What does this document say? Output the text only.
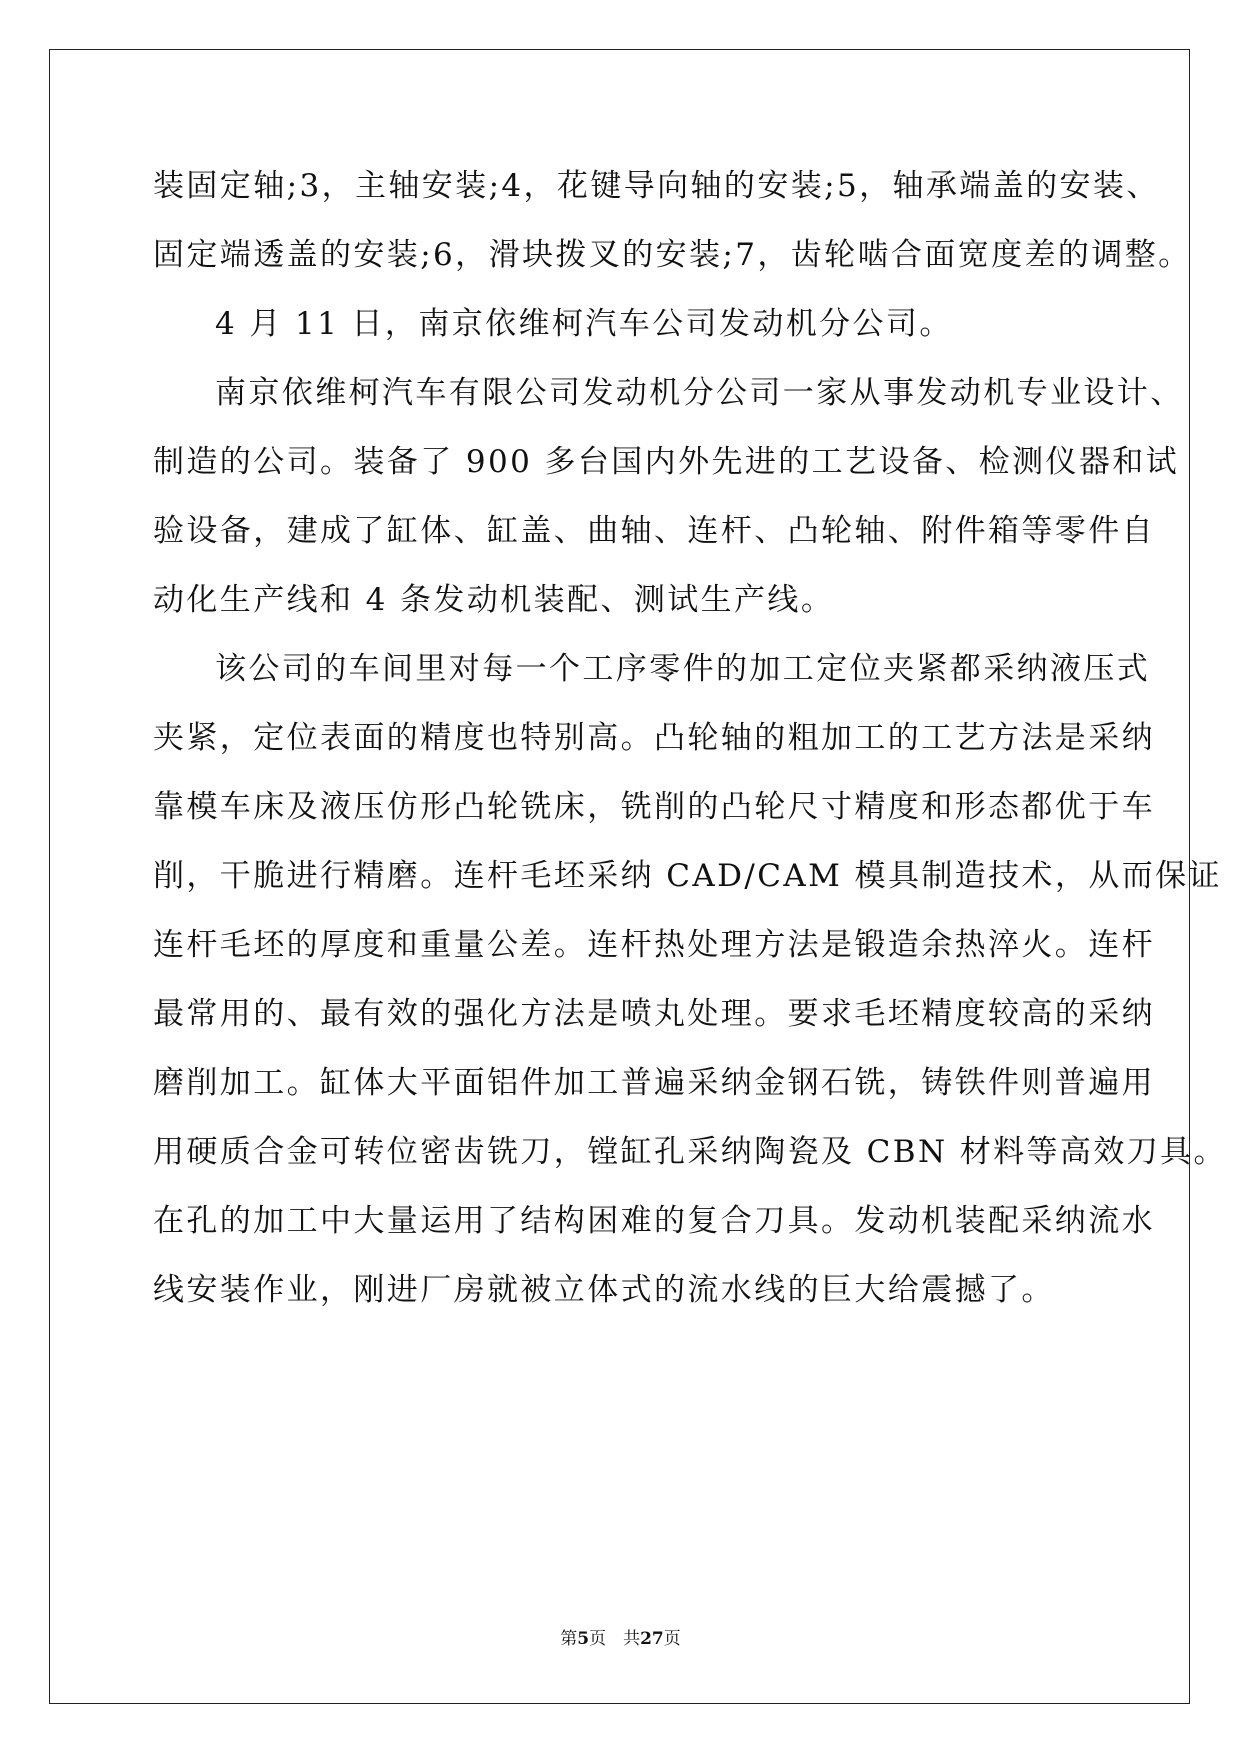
装固定轴;3，主轴安装;4，花键导向轴的安装;5，轴承端盖的安装、
固定端透盖的安装;6，滑块拨叉的安装;7，齿轮啮合面宽度差的调整。
4 月 11 日，南京依维柯汽车公司发动机分公司。
南京依维柯汽车有限公司发动机分公司一家从事发动机专业设计、
制造的公司。装备了 900 多台国内外先进的工艺设备、检测仪器和试
验设备，建成了缸体、缸盖、曲轴、连杆、凸轮轴、附件箱等零件自
动化生产线和 4 条发动机装配、测试生产线。
该公司的车间里对每一个工序零件的加工定位夹紧都采纳液压式
夹紧，定位表面的精度也特别高。凸轮轴的粗加工的工艺方法是采纳
靠模车床及液压仿形凸轮铣床，铣削的凸轮尺寸精度和形态都优于车
削，干脆进行精磨。连杆毛坯采纳 CAD/CAM 模具制造技术，从而保证
连杆毛坯的厚度和重量公差。连杆热处理方法是锻造余热淬火。连杆
最常用的、最有效的强化方法是喷丸处理。要求毛坯精度较高的采纳
磨削加工。缸体大平面铝件加工普遍采纳金钢石铣，铸铁件则普遍用
用硬质合金可转位密齿铣刀，镗缸孔采纳陶瓷及 CBN 材料等高效刀具。
在孔的加工中大量运用了结构困难的复合刀具。发动机装配采纳流水
线安装作业，刚进厂房就被立体式的流水线的巨大给震撼了。
第5页　共27页
